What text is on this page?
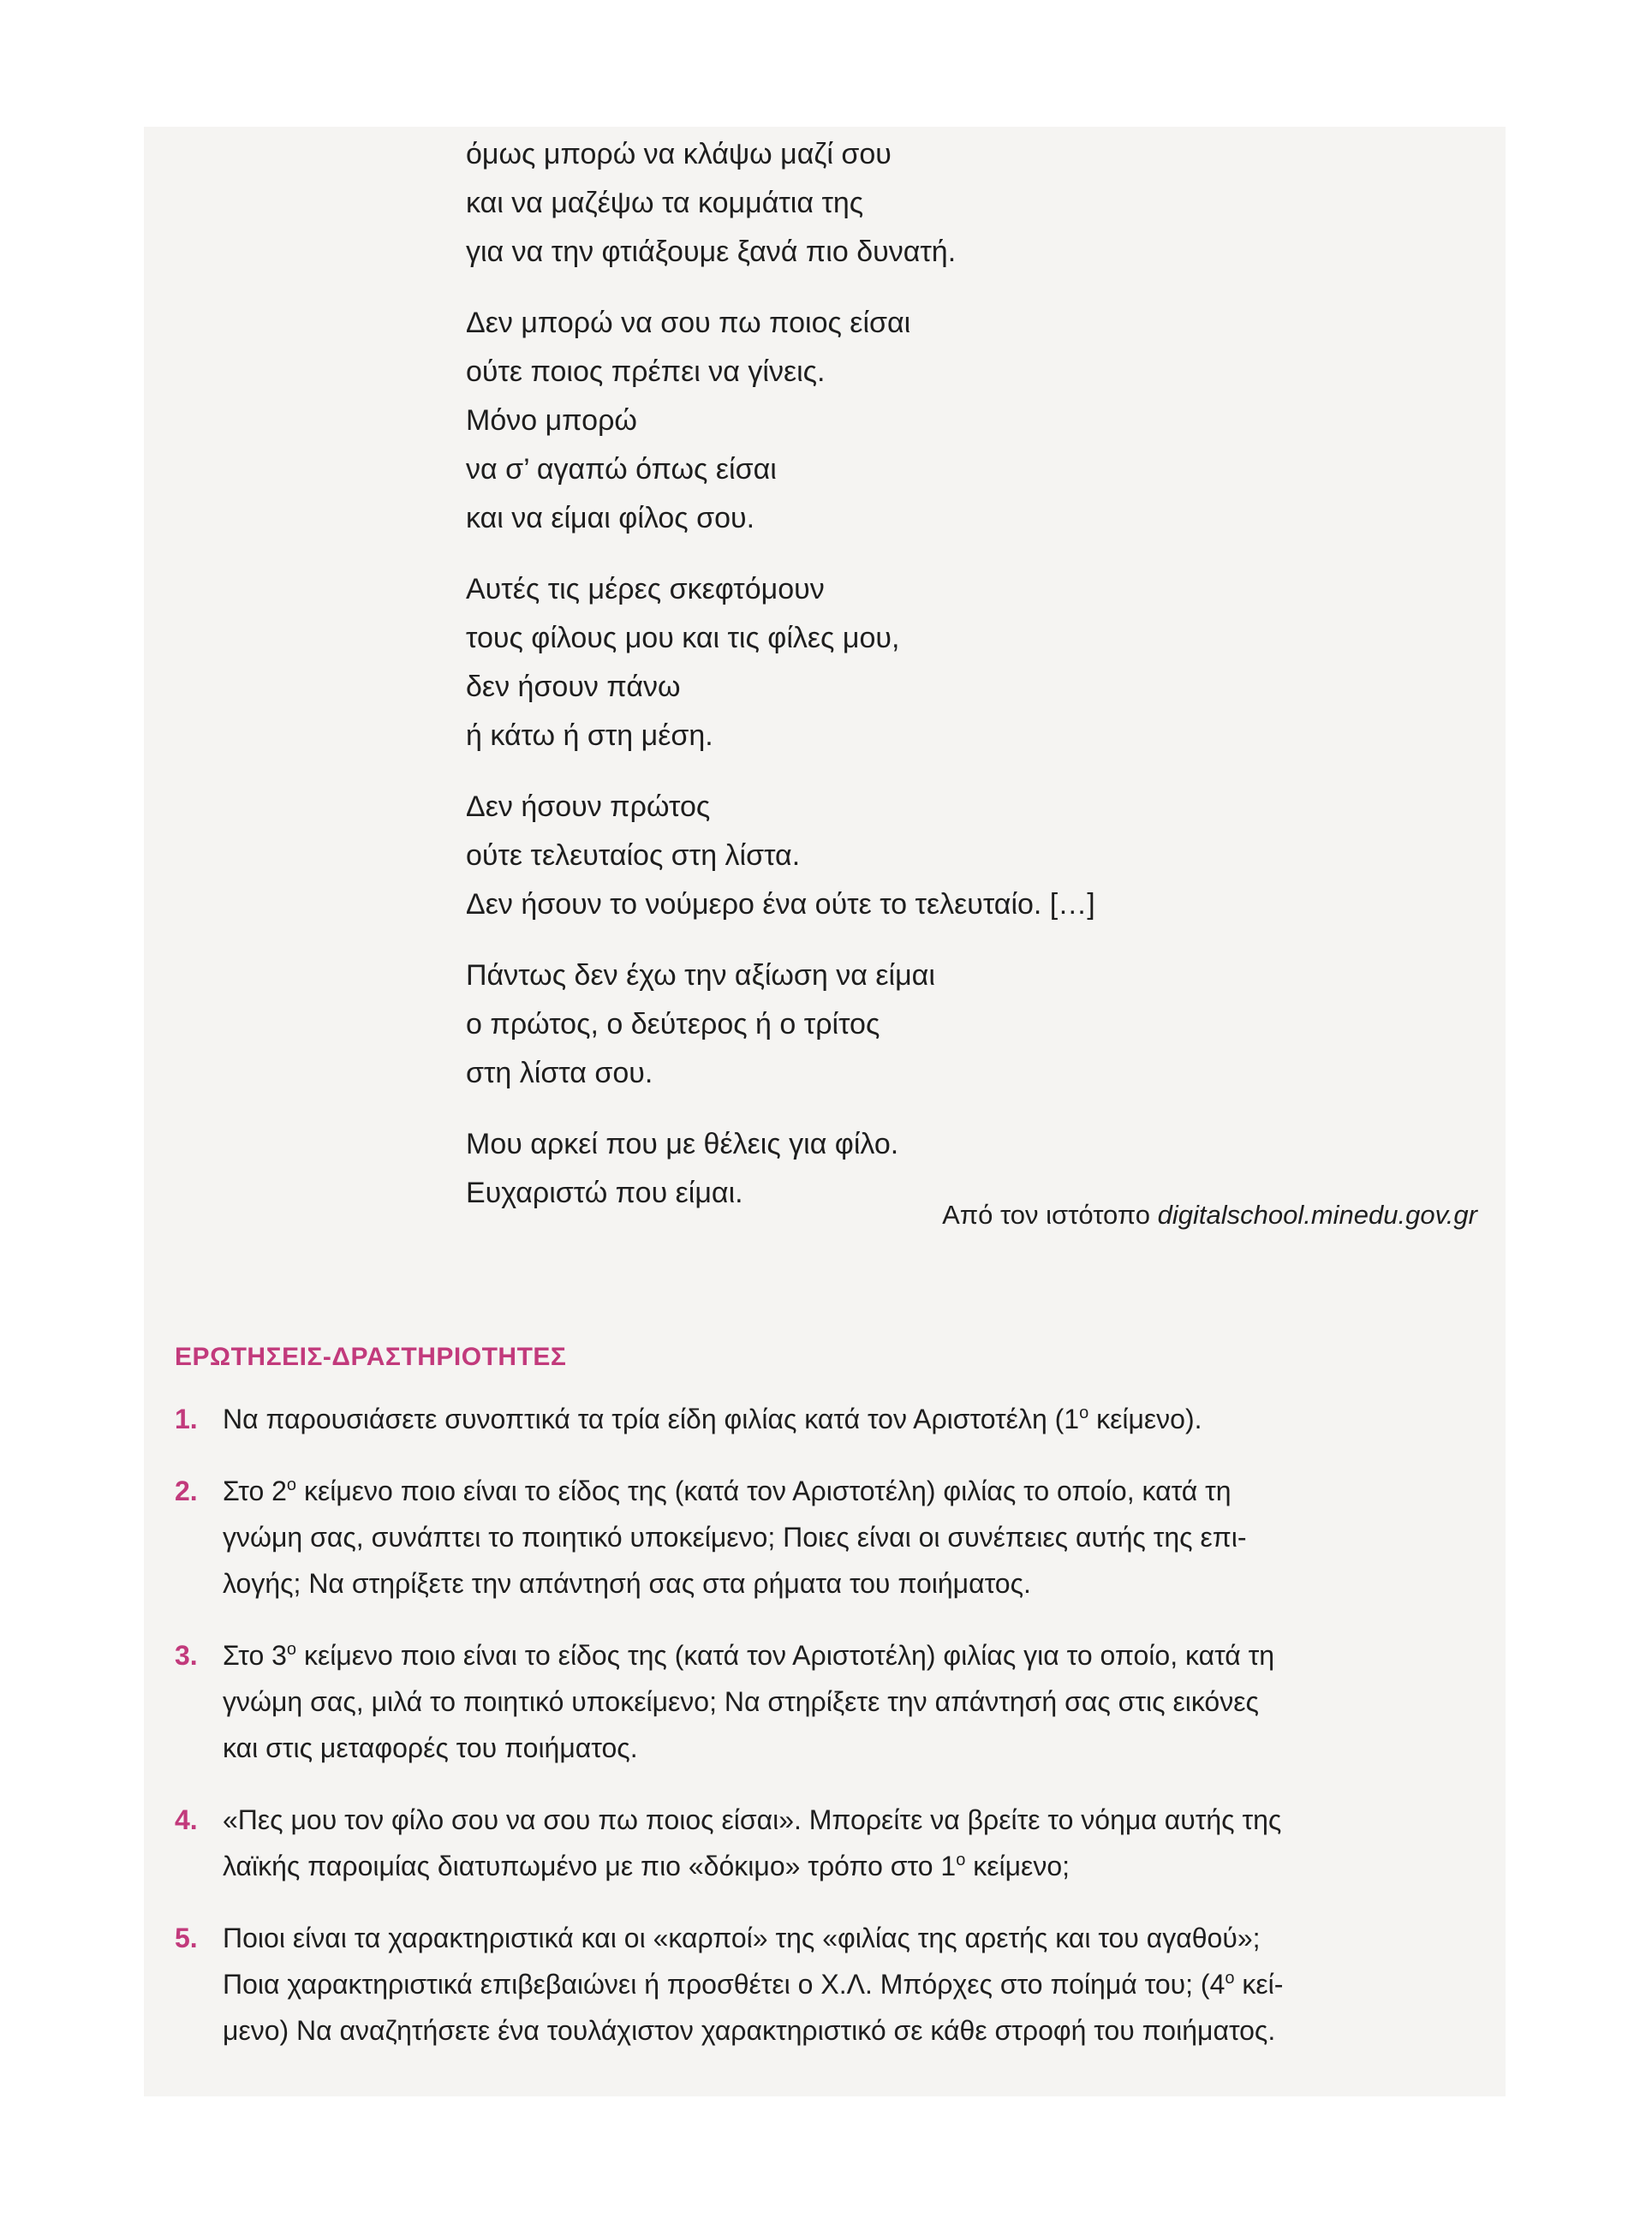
όμως μπορώ να κλάψω μαζί σου
και να μαζέψω τα κομμάτια της
για να την φτιάξουμε ξανά πιο δυνατή.
Δεν μπορώ να σου πω ποιος είσαι
ούτε ποιος πρέπει να γίνεις.
Μόνο μπορώ
να σ’ αγαπώ όπως είσαι
και να είμαι φίλος σου.
Αυτές τις μέρες σκεφτόμουν
τους φίλους μου και τις φίλες μου,
δεν ήσουν πάνω
ή κάτω ή στη μέση.
Δεν ήσουν πρώτος
ούτε τελευταίος στη λίστα.
Δεν ήσουν το νούμερο ένα ούτε το τελευταίο. […]
Πάντως δεν έχω την αξίωση να είμαι
ο πρώτος, ο δεύτερος ή ο τρίτος
στη λίστα σου.
Μου αρκεί που με θέλεις για φίλο.
Ευχαριστώ που είμαι.
Από τον ιστότοπο digitalschool.minedu.gov.gr
ΕΡΩΤΗΣΕΙΣ-ΔΡΑΣΤΗΡΙΟΤΗΤΕΣ
1. Να παρουσιάσετε συνοπτικά τα τρία είδη φιλίας κατά τον Αριστοτέλη ($1^o$ κείμενο).
2. Στο $2^o$ κείμενο ποιο είναι το είδος της (κατά τον Αριστοτέλη) φιλίας το οποίο, κατά τη
γνώμη σας, συνάπτει το ποιητικό υποκείμενο; Ποιες είναι οι συνέπειες αυτής της επι-
λογής; Να στηρίξετε την απάντησή σας στα ρήματα του ποιήματος.
3. Στο $3^o$ κείμενο ποιο είναι το είδος της (κατά τον Αριστοτέλη) φιλίας για το οποίο, κατά τη
γνώμη σας, μιλά το ποιητικό υποκείμενο; Να στηρίξετε την απάντησή σας στις εικόνες
και στις μεταφορές του ποιήματος.
4. «Πες μου τον φίλο σου να σου πω ποιος είσαι». Μπορείτε να βρείτε το νόημα αυτής της
λαϊκής παροιμίας διατυπωμένο με πιο «δόκιμο» τρόπο στο $1^o$ κείμενο;
5. Ποιοι είναι τα χαρακτηριστικά και οι «καρποί» της «φιλίας της αρετής και του αγαθού»;
Ποια χαρακτηριστικά επιβεβαιώνει ή προσθέτει ο Χ.Λ. Μπόρχες στο ποίημά του; ($4^o$ κεί-
μενο) Να αναζητήσετε ένα τουλάχιστον χαρακτηριστικό σε κάθε στροφή του ποιήματος.
